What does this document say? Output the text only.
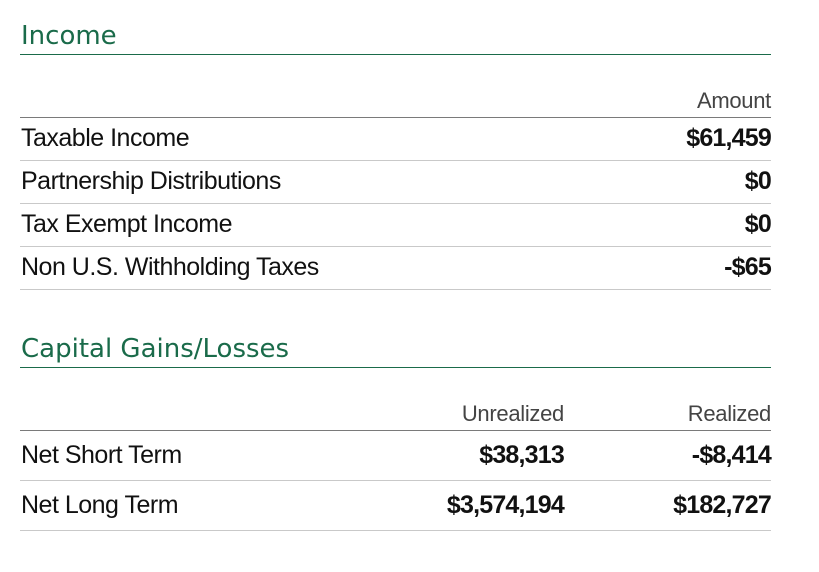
Income
	Amount
Taxable Income	$61,459
Partnership Distributions	$0
Tax Exempt Income	$0
Non U.S. Withholding Taxes	-$65
Capital Gains/Losses
	Unrealized	Realized
Net Short Term	$38,313	-$8,414
Net Long Term	$3,574,194	$182,727
